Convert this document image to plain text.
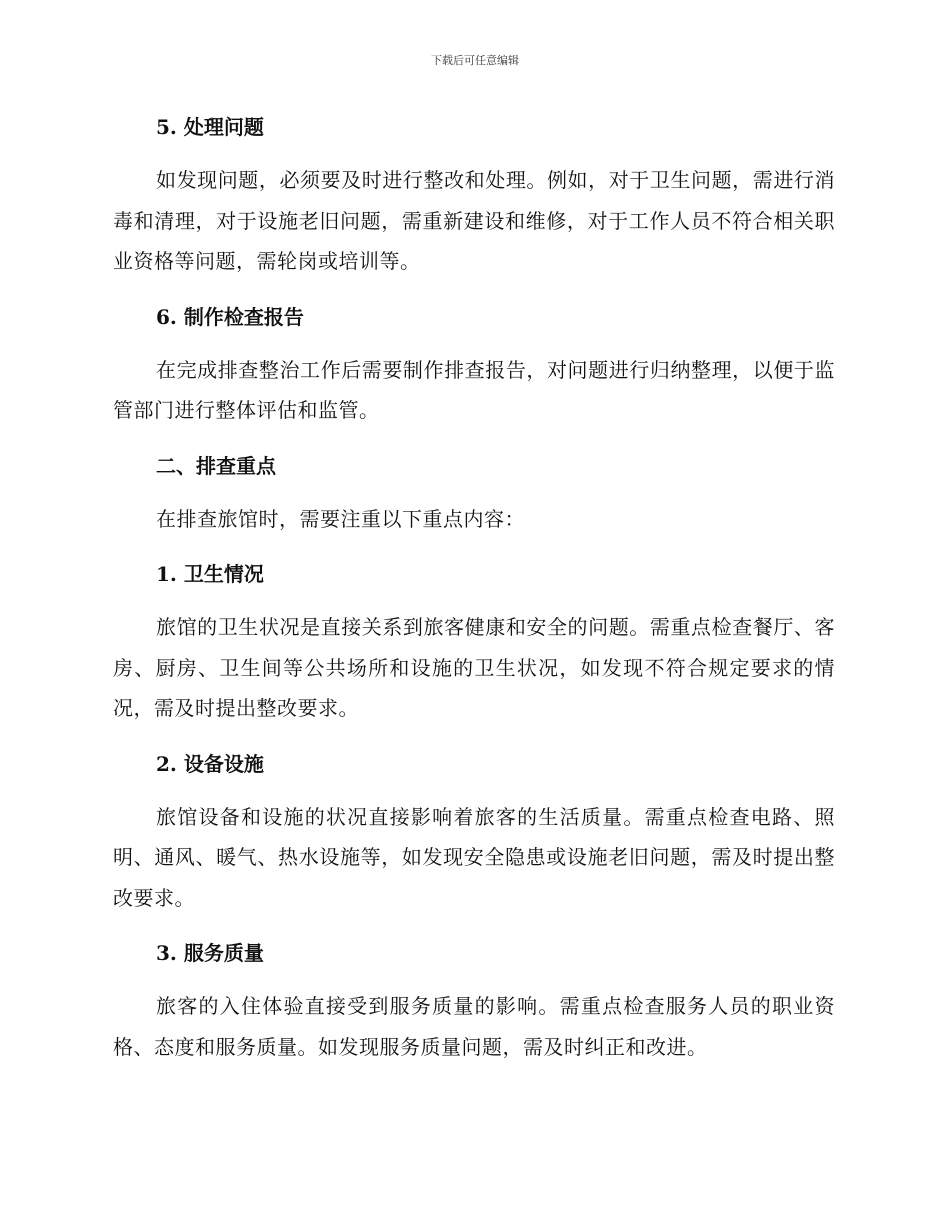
下载后可任意编辑
5. 处理问题

如发现问题，必须要及时进行整改和处理。例如，对于卫生问题，需进行消毒和清理，对于设施老旧问题，需重新建设和维修，对于工作人员不符合相关职业资格等问题，需轮岗或培训等。

6. 制作检查报告

在完成排查整治工作后需要制作排查报告，对问题进行归纳整理，以便于监管部门进行整体评估和监管。

二、排查重点

在排查旅馆时，需要注重以下重点内容：

1. 卫生情况

旅馆的卫生状况是直接关系到旅客健康和安全的问题。需重点检查餐厅、客房、厨房、卫生间等公共场所和设施的卫生状况，如发现不符合规定要求的情况，需及时提出整改要求。

2. 设备设施

旅馆设备和设施的状况直接影响着旅客的生活质量。需重点检查电路、照明、通风、暖气、热水设施等，如发现安全隐患或设施老旧问题，需及时提出整改要求。

3. 服务质量

旅客的入住体验直接受到服务质量的影响。需重点检查服务人员的职业资格、态度和服务质量。如发现服务质量问题，需及时纠正和改进。
